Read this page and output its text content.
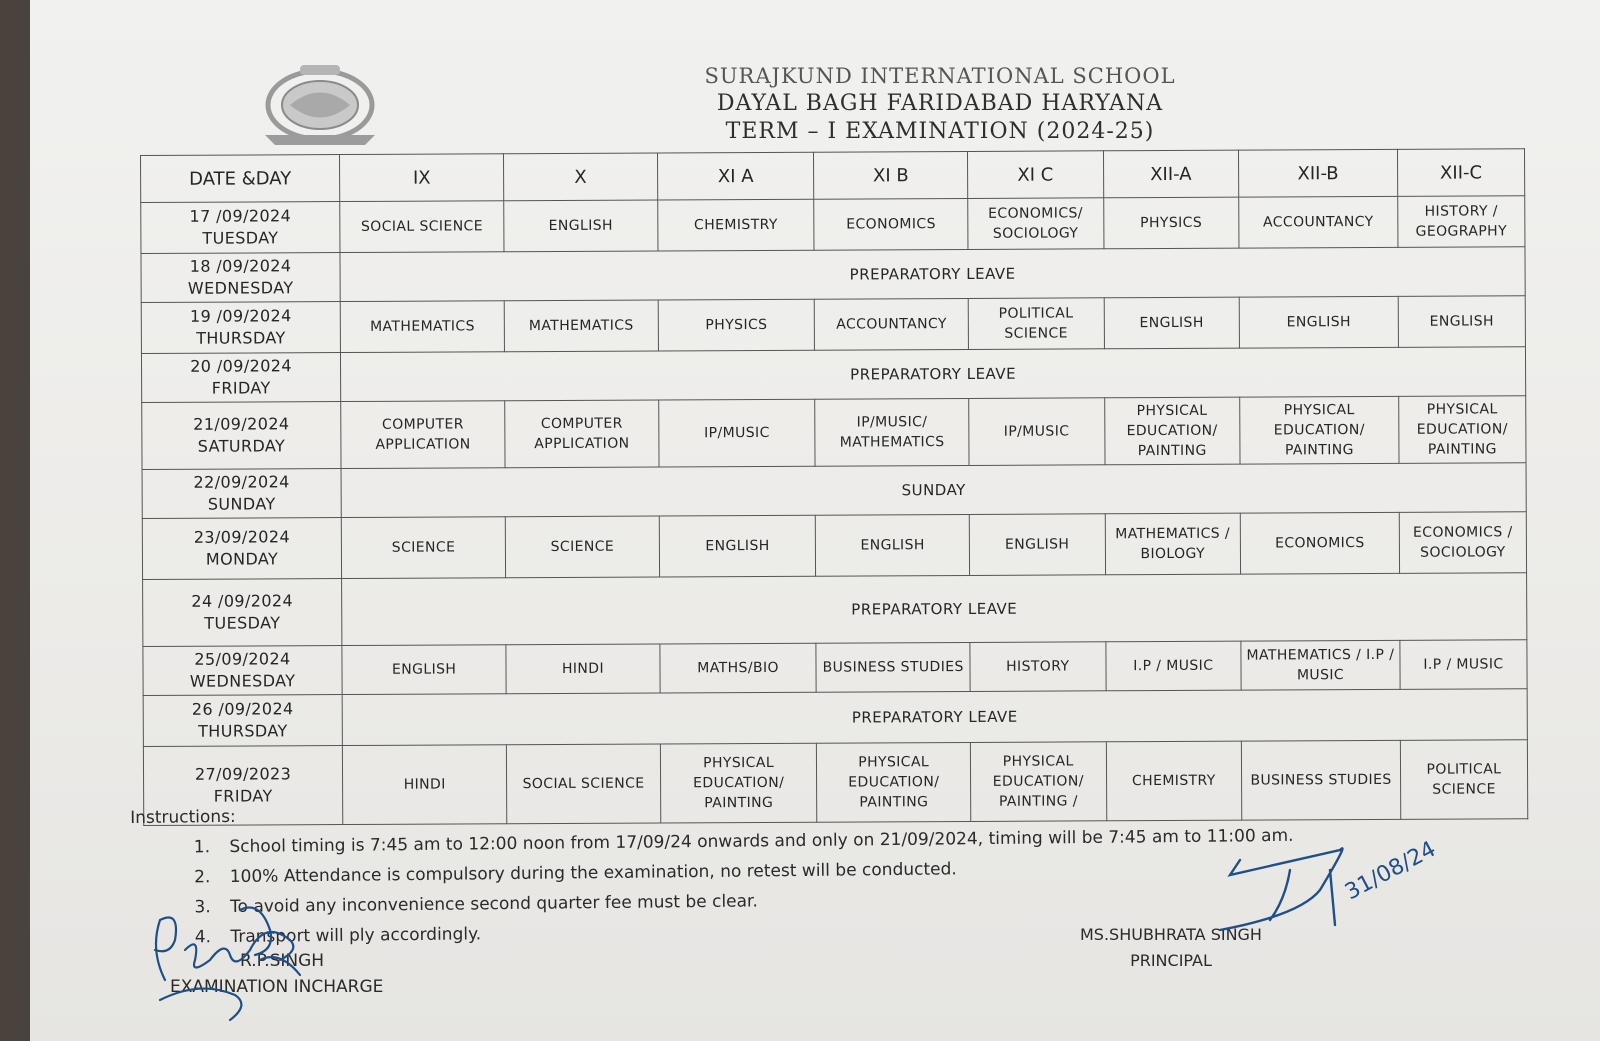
SURAJKUND INTERNATIONAL SCHOOL
DAYAL BAGH FARIDABAD HARYANA
TERM – I EXAMINATION (2024-25)
DATE &DAY	IX	X	XI A	XI B	XI C	XII-A	XII-B	XII-C

17 /09/2024
TUESDAY	SOCIAL SCIENCE	ENGLISH	CHEMISTRY	ECONOMICS	ECONOMICS/ SOCIOLOGY	PHYSICS	ACCOUNTANCY	HISTORY / GEOGRAPHY

18 /09/2024
WEDNESDAY	PREPARATORY LEAVE							

19 /09/2024
THURSDAY	MATHEMATICS	MATHEMATICS	PHYSICS	ACCOUNTANCY	POLITICAL SCIENCE	ENGLISH	ENGLISH	ENGLISH

20 /09/2024
FRIDAY	PREPARATORY LEAVE							

21/09/2024
SATURDAY	COMPUTER APPLICATION	COMPUTER APPLICATION	IP/MUSIC	IP/MUSIC/ MATHEMATICS	IP/MUSIC	PHYSICAL EDUCATION/ PAINTING	PHYSICAL EDUCATION/ PAINTING	PHYSICAL EDUCATION/ PAINTING

22/09/2024
SUNDAY	SUNDAY							

23/09/2024
MONDAY	SCIENCE	SCIENCE	ENGLISH	ENGLISH	ENGLISH	MATHEMATICS / BIOLOGY	ECONOMICS	ECONOMICS / SOCIOLOGY

24 /09/2024
TUESDAY	PREPARATORY LEAVE							

25/09/2024
WEDNESDAY	ENGLISH	HINDI	MATHS/BIO	BUSINESS STUDIES	HISTORY	I.P / MUSIC	MATHEMATICS / I.P / MUSIC	I.P / MUSIC

26 /09/2024
THURSDAY	PREPARATORY LEAVE							

27/09/2023
FRIDAY	HINDI	SOCIAL SCIENCE	PHYSICAL EDUCATION/ PAINTING	PHYSICAL EDUCATION/ PAINTING	PHYSICAL EDUCATION/ PAINTING /	CHEMISTRY	BUSINESS STUDIES	POLITICAL SCIENCE
Instructions:
1. School timing is 7:45 am to 12:00 noon from 17/09/24 onwards and only on 21/09/2024, timing will be 7:45 am to 11:00 am.
2. 100% Attendance is compulsory during the examination, no retest will be conducted.
3. To avoid any inconvenience second quarter fee must be clear.
4. Transport will ply accordingly.
R.P.SINGH
EXAMINATION INCHARGE
MS.SHUBHRATA SINGH
PRINCIPAL
31/08/24
